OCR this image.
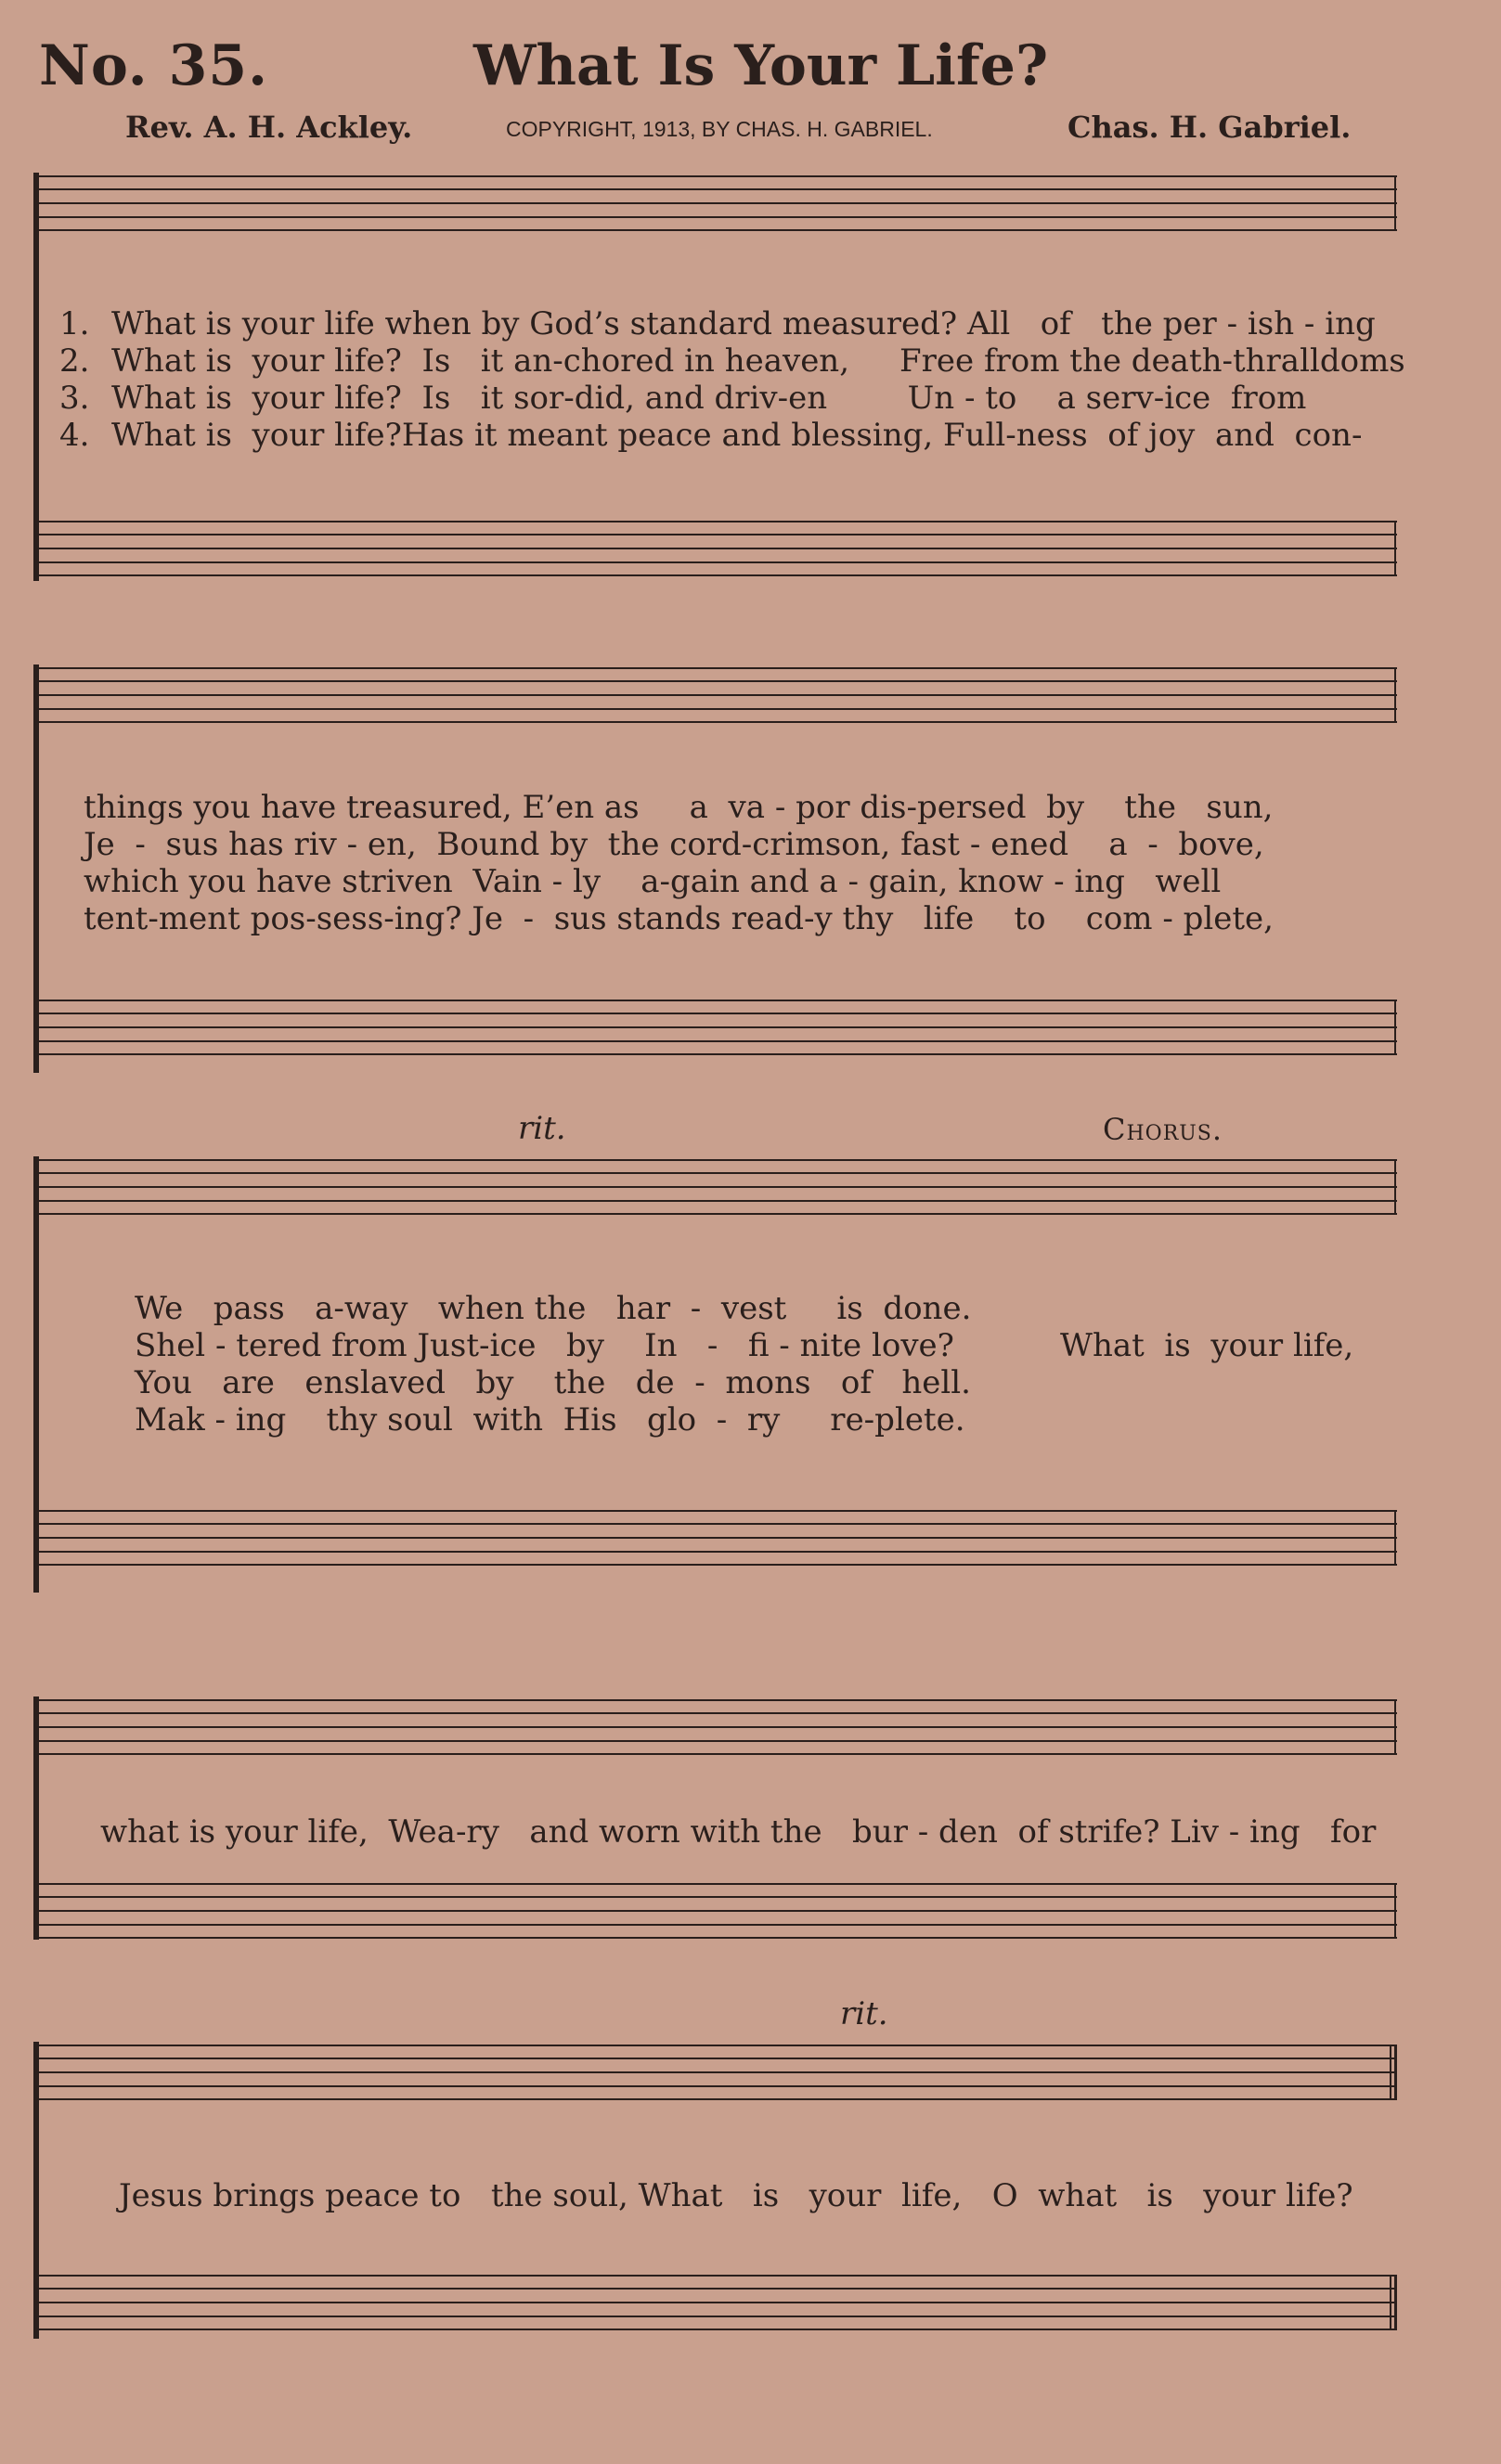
No. 35.	What Is Your Life?
Rev. A. H. Ackley.	COPYRIGHT, 1913, BY CHAS. H. GABRIEL.	Chas. H. Gabriel.
1. What is your life when by God’s standard measured? All   of   the per - ish - ing
2. What is  your life?  Is   it an-chored in heaven,     Free from the death-thralldoms
3. What is  your life?  Is   it sor-did, and driv-en        Un - to    a serv-ice  from
4. What is  your life?Has it meant peace and blessing, Full-ness  of joy  and  con-
things you have treasured, E’en as     a  va - por dis-persed  by    the   sun,
Je  -  sus has riv - en,  Bound by  the cord-crimson, fast - ened    a  -  bove,
which you have striven  Vain - ly    a-gain and a - gain, know - ing   well
tent-ment pos-sess-ing? Je  -  sus stands read-y thy   life    to    com - plete,
rit.	Chorus.
We   pass   a-way   when the   har  -  vest     is  done.
Shel - tered from Just-ice   by    In   -   fi - nite love?
You   are   enslaved   by    the   de  -  mons   of   hell.
Mak - ing    thy soul  with  His   glo  -  ry     re-plete.
What  is  your life,
what is your life,  Wea-ry   and worn with the   bur - den  of strife? Liv - ing   for
rit.
Jesus brings peace to   the soul, What   is   your  life,   O  what   is   your life?
